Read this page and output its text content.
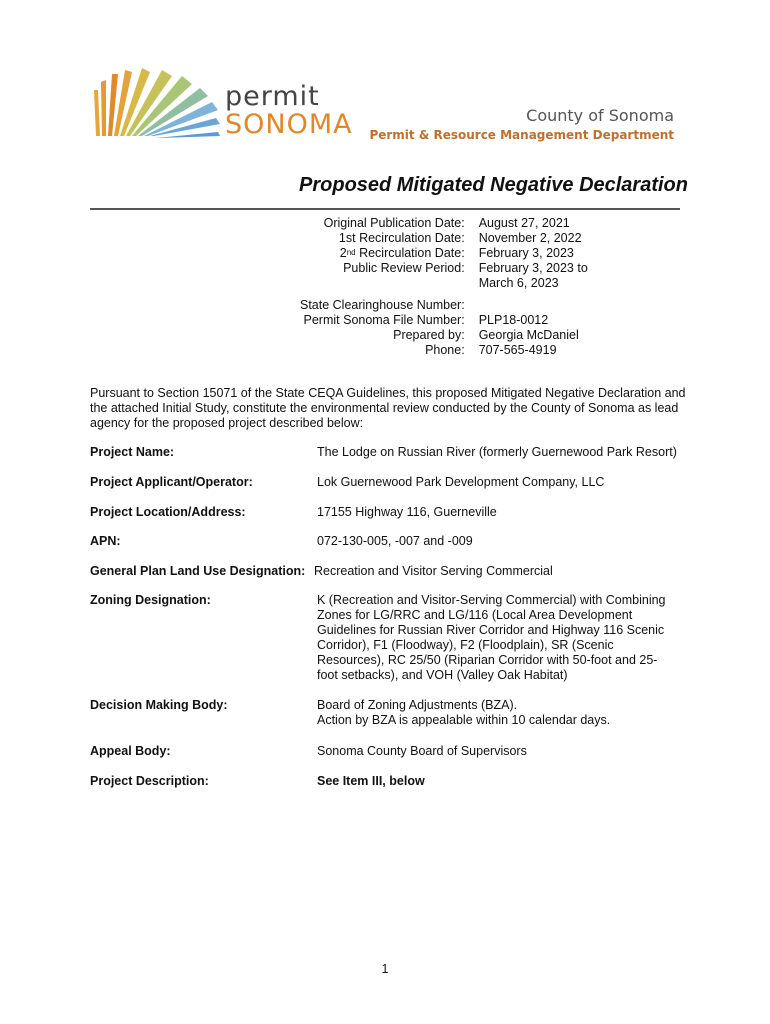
permit
SONOMA	County of Sonoma
Permit & Resource Management Department
Proposed Mitigated Negative Declaration
Original Publication Date:	August 27, 2021
1st Recirculation Date:	November 2, 2022
2nd Recirculation Date:	February 3, 2023
Public Review Period:	February 3, 2023 to
	March 6, 2023

State Clearinghouse Number:	
Permit Sonoma File Number:	PLP18-0012
Prepared by:	Georgia McDaniel
Phone:	707-565-4919
Pursuant to Section 15071 of the State CEQA Guidelines, this proposed Mitigated Negative Declaration and the attached Initial Study, constitute the environmental review conducted by the County of Sonoma as lead agency for the proposed project described below:
Project Name:	The Lodge on Russian River (formerly Guernewood Park Resort)
Project Applicant/Operator:	Lok Guernewood Park Development Company, LLC
Project Location/Address:	17155 Highway 116, Guerneville
APN:	072-130-005, -007 and -009
General Plan Land Use Designation: Recreation and Visitor Serving Commercial
Zoning Designation:	K (Recreation and Visitor-Serving Commercial) with Combining Zones for LG/RRC and LG/116 (Local Area Development Guidelines for Russian River Corridor and Highway 116 Scenic Corridor), F1 (Floodway), F2 (Floodplain), SR (Scenic Resources), RC 25/50 (Riparian Corridor with 50-foot and 25-foot setbacks), and VOH (Valley Oak Habitat)
Decision Making Body:	Board of Zoning Adjustments (BZA).
Action by BZA is appealable within 10 calendar days.
Appeal Body:	Sonoma County Board of Supervisors
Project Description:	See Item III, below
1
